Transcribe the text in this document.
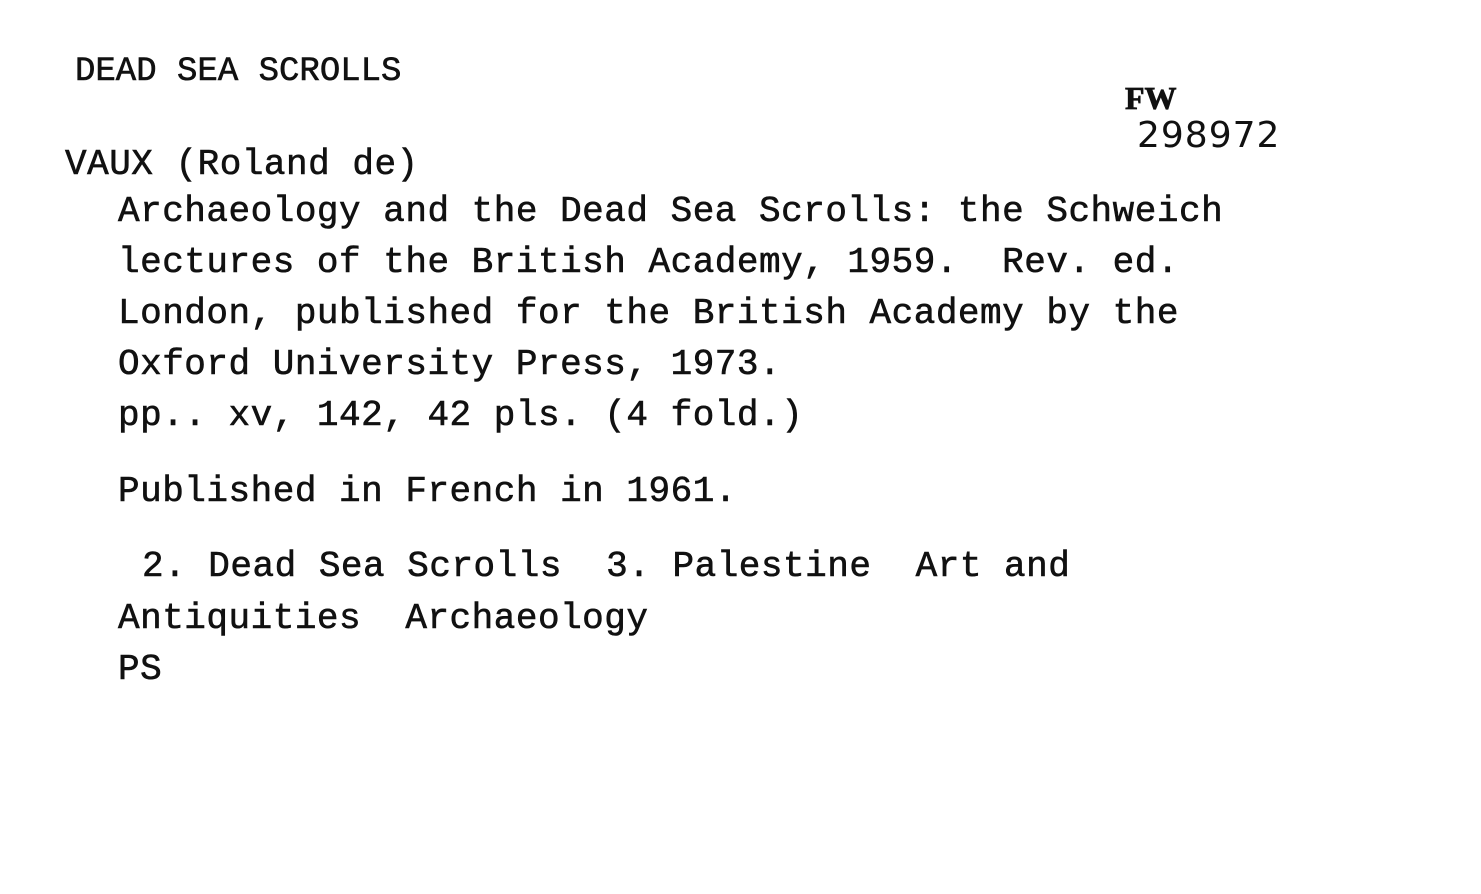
DEAD SEA SCROLLS
FW
298972
VAUX (Roland de)
Archaeology and the Dead Sea Scrolls: the Schweich
lectures of the British Academy, 1959.  Rev. ed.
London, published for the British Academy by the
Oxford University Press, 1973.
pp.. xv, 142, 42 pls. (4 fold.)
Published in French in 1961.
2. Dead Sea Scrolls  3. Palestine  Art and
Antiquities  Archaeology
PS
